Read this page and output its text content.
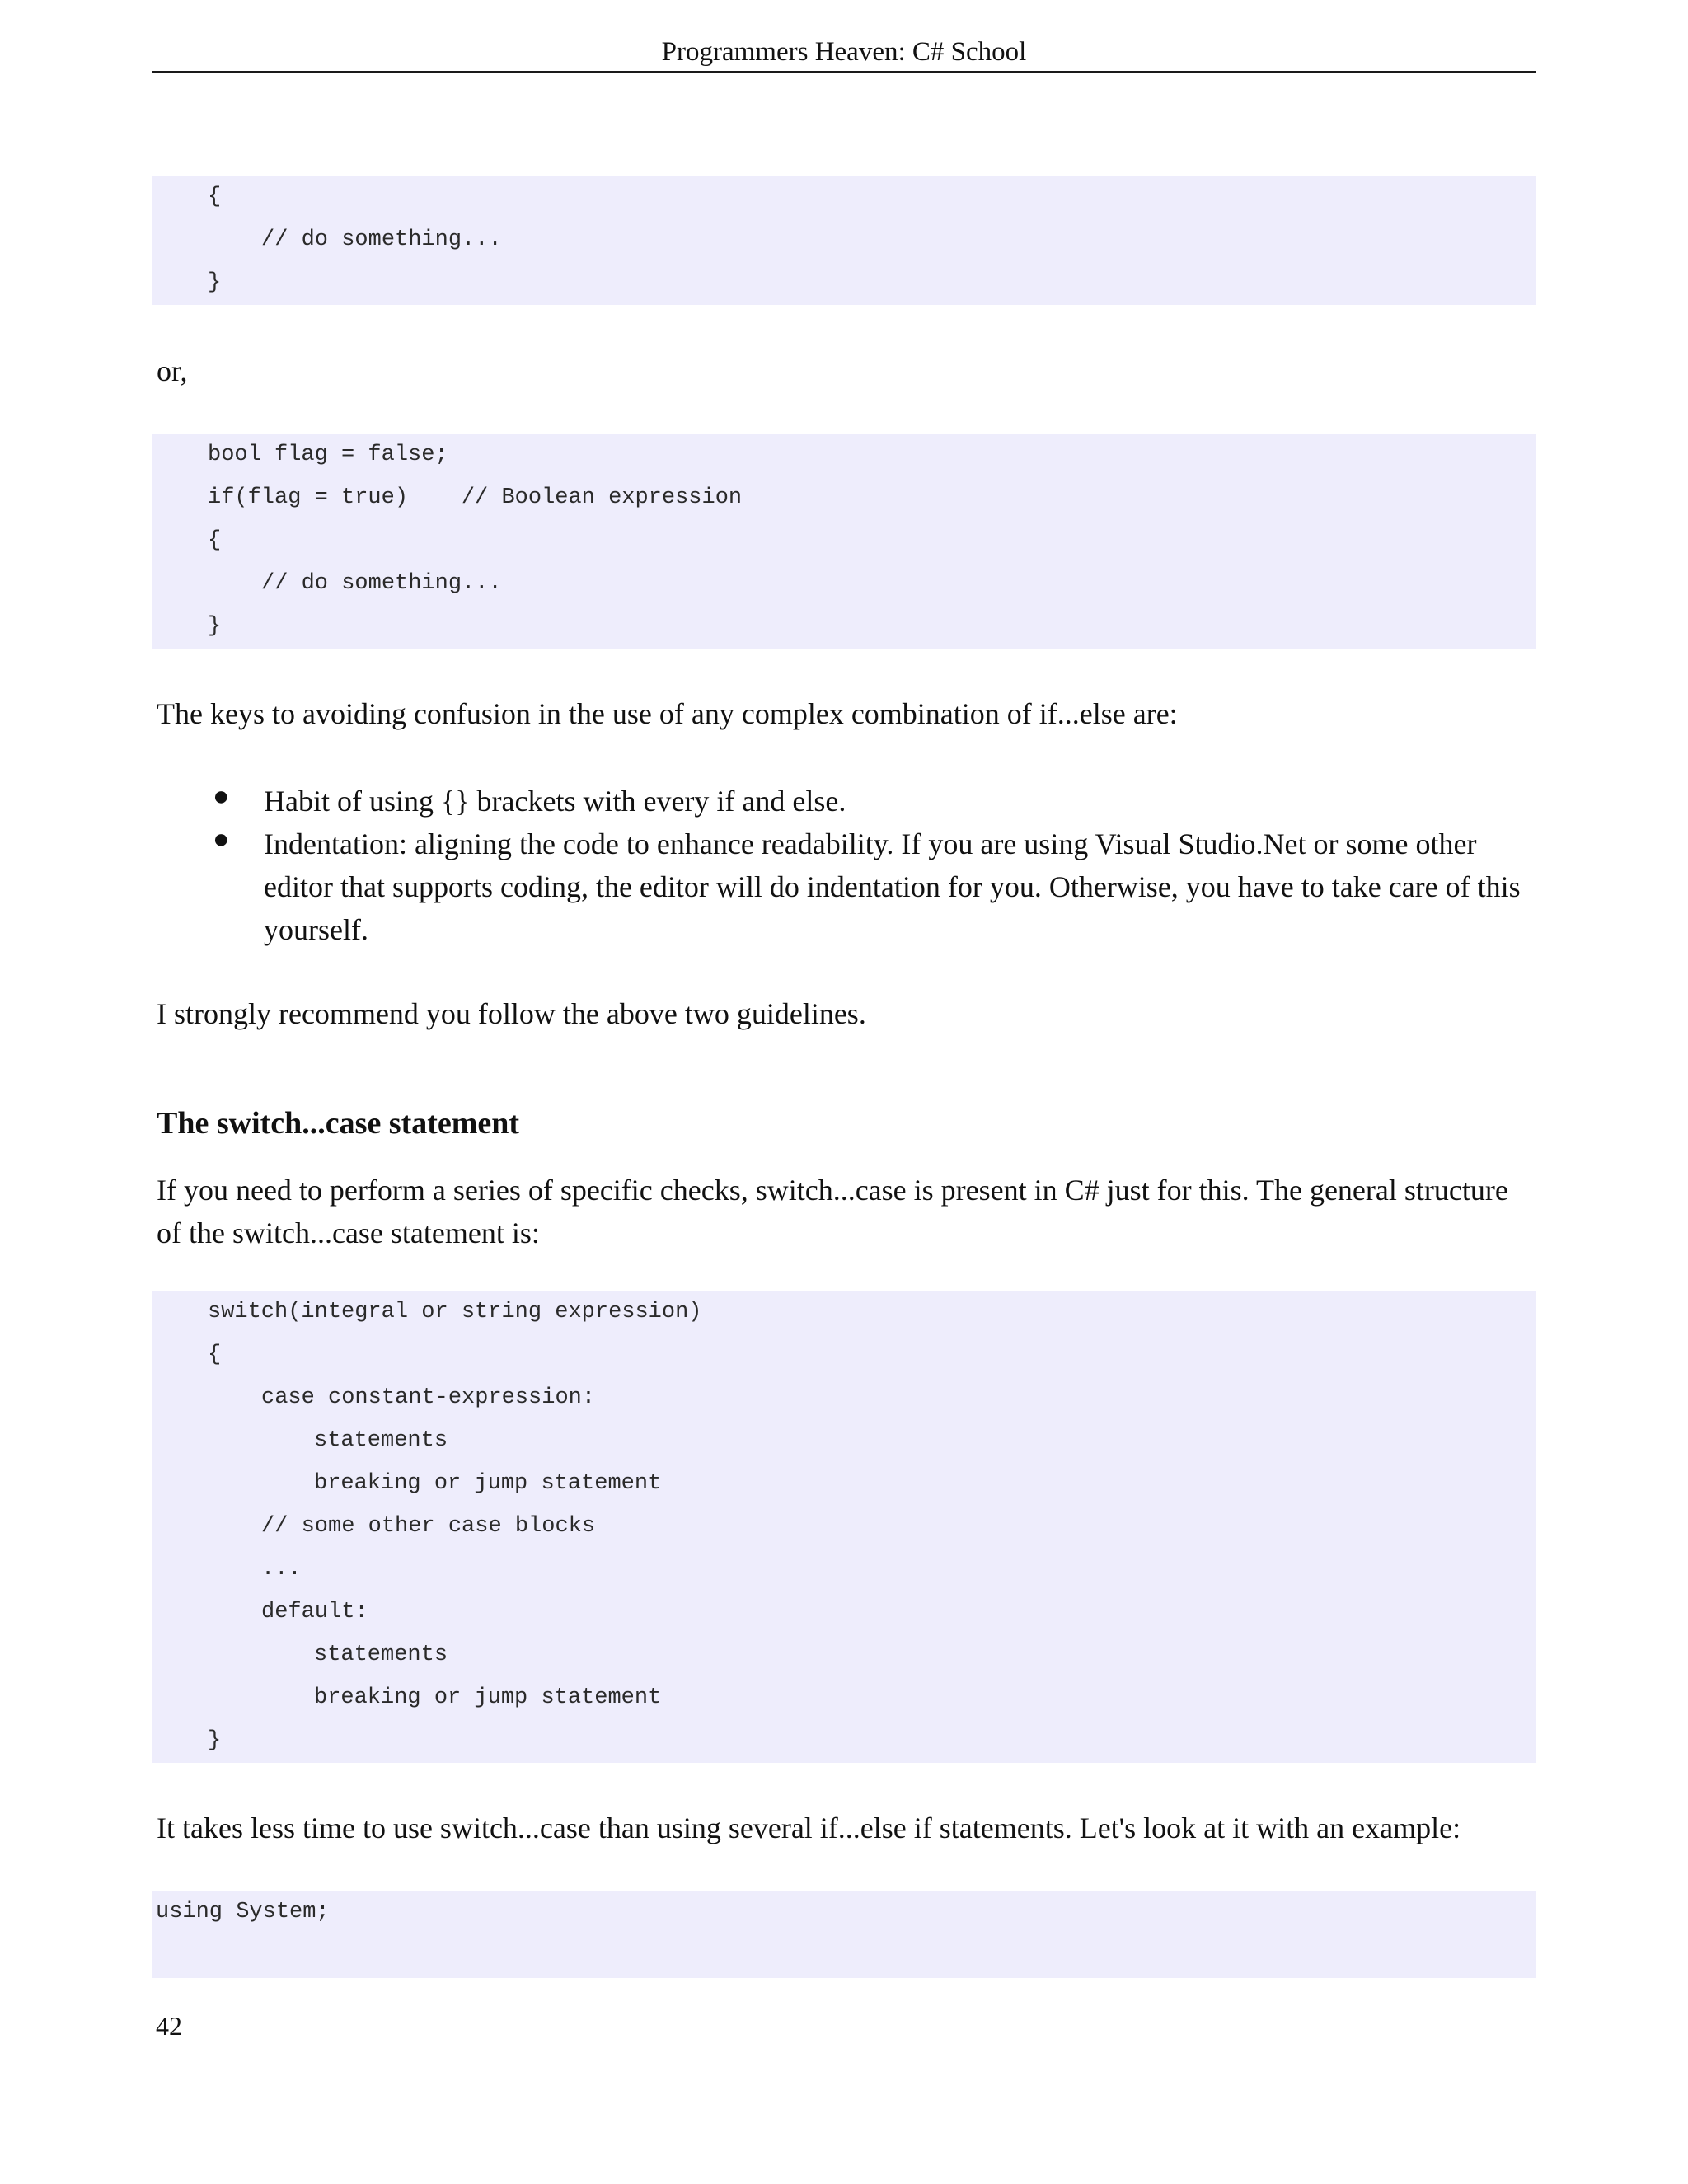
Programmers Heaven: C# School
{
// do something...
}
or,
bool flag = false;
if(flag = true)    // Boolean expression
{
// do something...
}
The keys to avoiding confusion in the use of any complex combination of if...else are:
● Habit of using {} brackets with every if and else.
● Indentation: aligning the code to enhance readability. If you are using Visual Studio.Net or some other editor that supports coding, the editor will do indentation for you. Otherwise, you have to take care of this yourself.
I strongly recommend you follow the above two guidelines.
The switch...case statement
If you need to perform a series of specific checks, switch...case is present in C# just for this. The general structure
of the switch...case statement is:
switch(integral or string expression)
{
case constant-expression:
statements
breaking or jump statement
// some other case blocks
...
default:
statements
breaking or jump statement
}
It takes less time to use switch...case than using several if...else if statements. Let's look at it with an example:
using System;
42
